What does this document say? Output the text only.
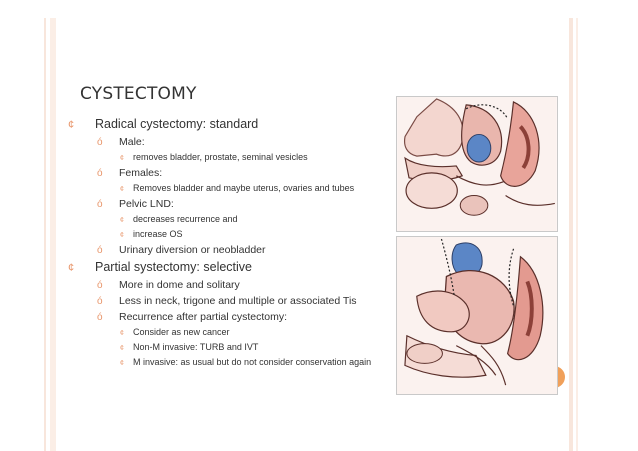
CYSTECTOMY
¢ Radical cystectomy: standard
ó Male:
¢ removes bladder, prostate, seminal vesicles
ó Females:
¢ Removes bladder and maybe uterus, ovaries and tubes
ó Pelvic LND:
¢ decreases recurrence and
¢ increase OS
ó Urinary diversion or neobladder
¢ Partial systectomy: selective
ó More in dome and solitary
ó Less in neck, trigone and multiple or associated Tis
ó Recurrence after partial cystectomy:
¢ Consider as new cancer
¢ Non-M invasive: TURB and IVT
¢ M invasive: as usual but do not consider conservation again
